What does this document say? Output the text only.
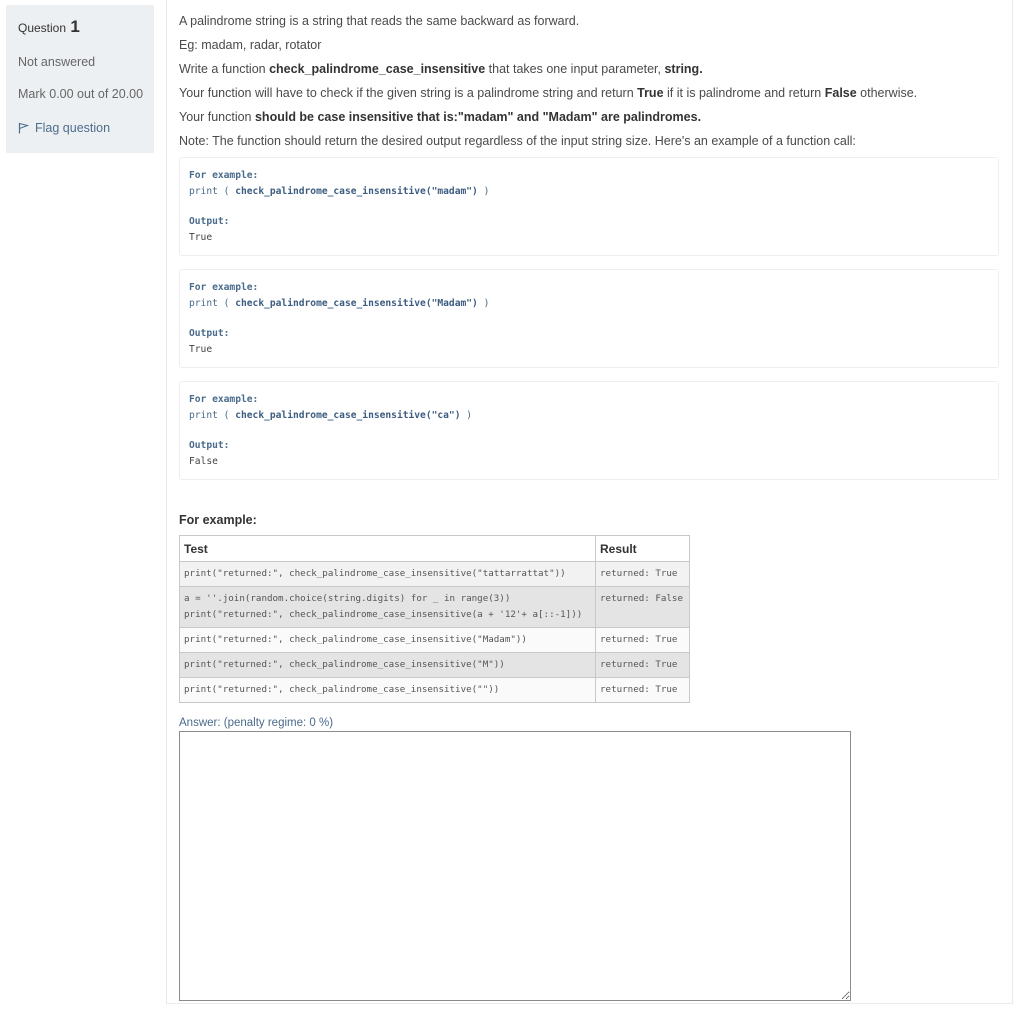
Question 1
Not answered
Mark 0.00 out of 20.00
Flag question
A palindrome string is a string that reads the same backward as forward.
Eg: madam, radar, rotator
Write a function check_palindrome_case_insensitive that takes one input parameter, string.
Your function will have to check if the given string is a palindrome string and return True if it is palindrome and return False otherwise.
Your function should be case insensitive that is:"madam" and "Madam" are palindromes.
Note: The function should return the desired output regardless of the input string size. Here's an example of a function call:
For example:
print ( check_palindrome_case_insensitive("madam") )
Output:
True
For example:
print ( check_palindrome_case_insensitive("Madam") )
Output:
True
For example:
print ( check_palindrome_case_insensitive("ca") )
Output:
False
For example:
Test	Result
print("returned:", check_palindrome_case_insensitive("tattarrattat"))	returned: True
a = ''.join(random.choice(string.digits) for _ in range(3))
print("returned:", check_palindrome_case_insensitive(a + '12'+ a[::-1]))	returned: False
print("returned:", check_palindrome_case_insensitive("Madam"))	returned: True
print("returned:", check_palindrome_case_insensitive("M"))	returned: True
print("returned:", check_palindrome_case_insensitive(""))	returned: True
Answer: (penalty regime: 0 %)
